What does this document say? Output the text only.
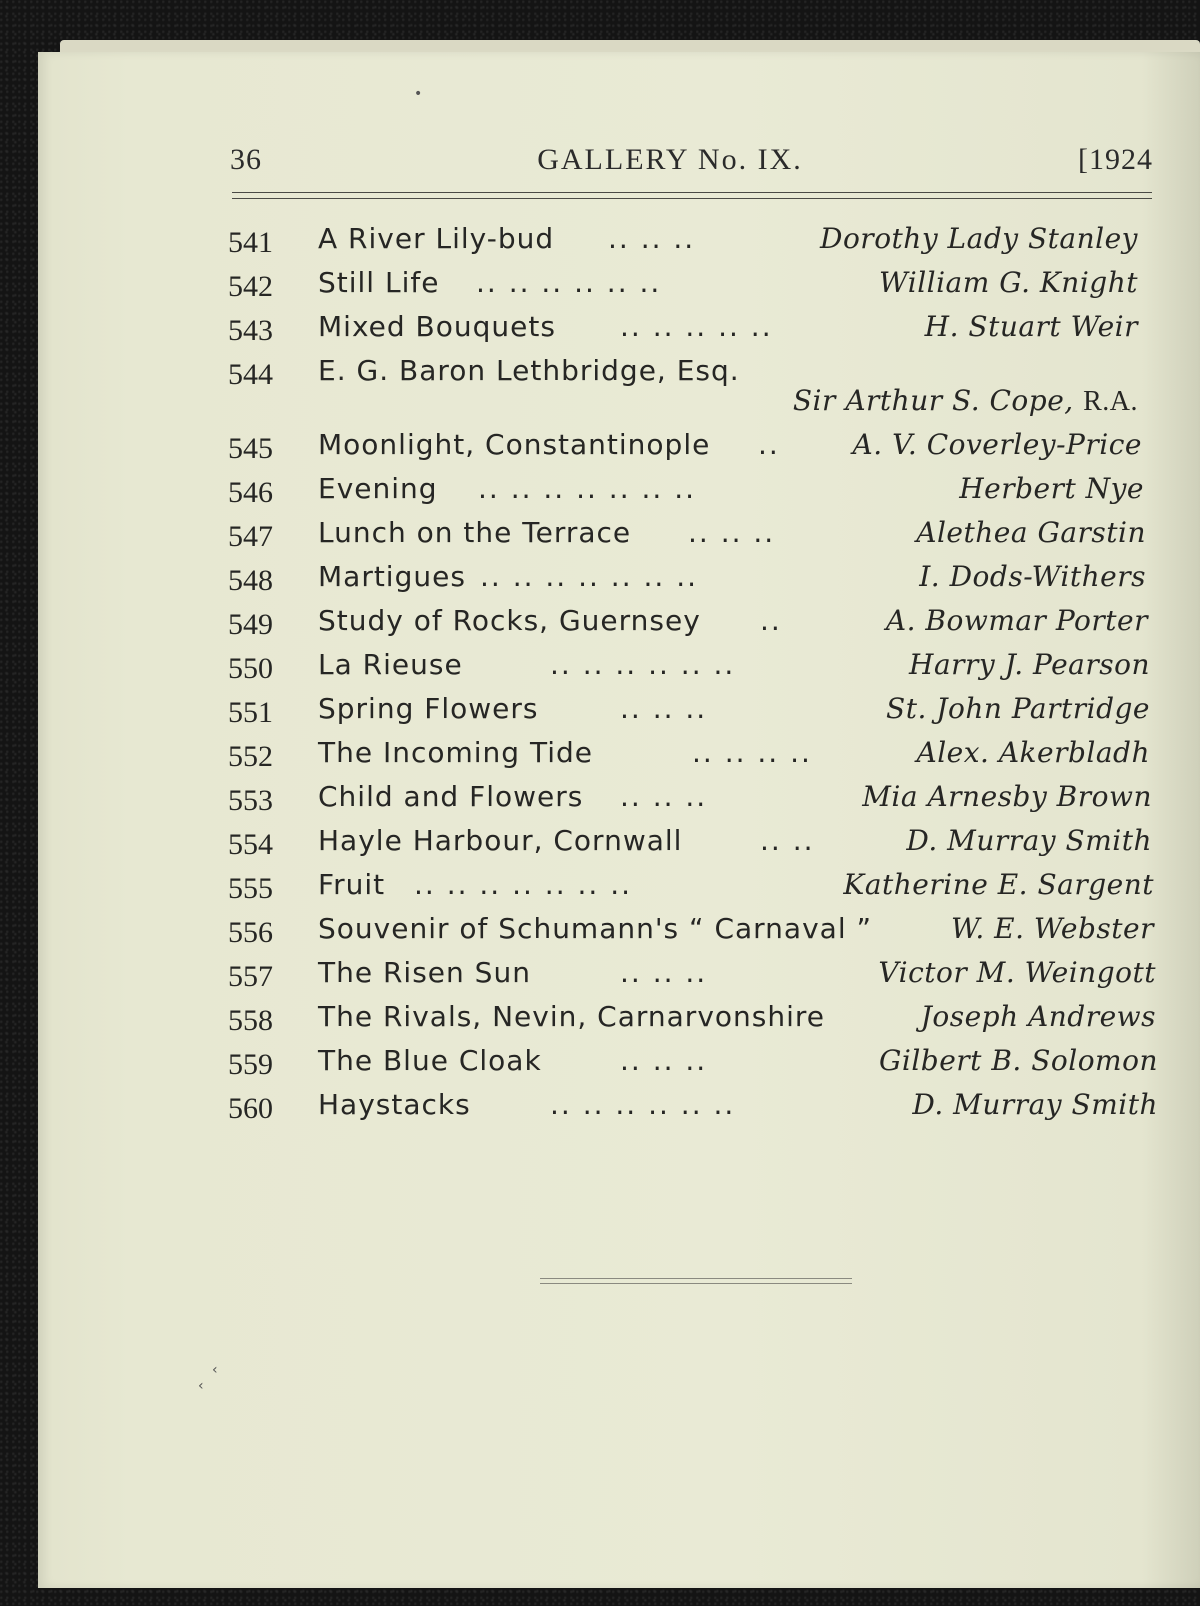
36	GALLERY No. IX.	[1924
541 A River Lily-bud .. .. ..	Dorothy Lady Stanley
542 Still Life .. .. .. .. .. ..	William G. Knight
543 Mixed Bouquets .. .. .. .. ..	H. Stuart Weir
544 E. G. Baron Lethbridge, Esq.
Sir Arthur S. Cope, R.A.
545 Moonlight, Constantinople ..	A. V. Coverley-Price
546 Evening .. .. .. .. .. .. ..	Herbert Nye
547 Lunch on the Terrace .. .. ..	Alethea Garstin
548 Martigues .. .. .. .. .. .. ..	I. Dods-Withers
549 Study of Rocks, Guernsey ..	A. Bowmar Porter
550 La Rieuse	.. .. .. .. .. ..	Harry J. Pearson
551 Spring Flowers	.. .. ..	St. John Partridge
552 The Incoming Tide	.. .. .. ..	Alex. Akerbladh
553 Child and Flowers .. .. ..	Mia Arnesby Brown
554 Hayle Harbour, Cornwall	.. ..	D. Murray Smith
555 Fruit .. .. .. .. .. .. ..	Katherine E. Sargent
556 Souvenir of Schumann's “ Carnaval ”	W. E. Webster
557 The Risen Sun	.. .. ..	Victor M. Weingott
558 The Rivals, Nevin, Carnarvonshire	Joseph Andrews
559 The Blue Cloak	.. .. ..	Gilbert B. Solomon
560 Haystacks	.. .. .. .. .. ..	D. Murray Smith
•
‹
‹
